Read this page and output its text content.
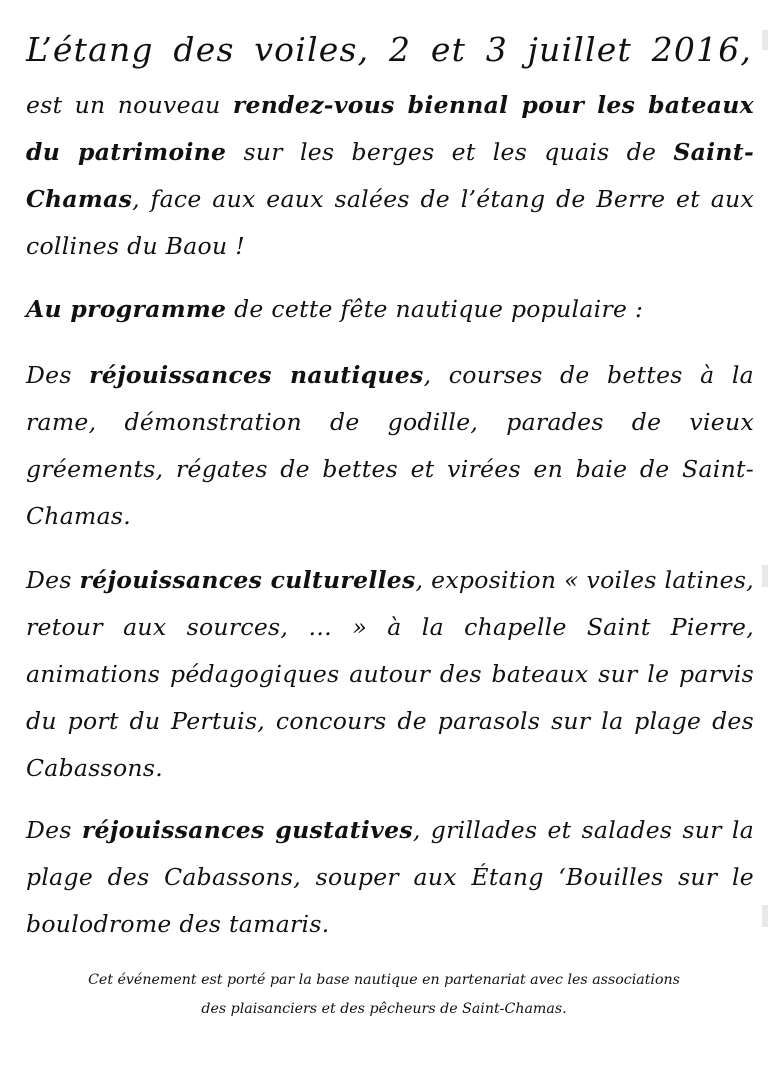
L’étang des voiles, 2 et 3 juillet 2016,
est un nouveau rendez-vous biennal pour les bateaux du patrimoine sur les berges et les quais de Saint-Chamas, face aux eaux salées de l’étang de Berre et aux collines du Baou !
Au programme de cette fête nautique populaire :
Des réjouissances nautiques, courses de bettes à la rame, démonstration de godille, parades de vieux gréements, régates de bettes et virées en baie de Saint-Chamas.
Des réjouissances culturelles, exposition « voiles latines, retour aux sources, … » à la chapelle Saint Pierre, animations pédagogiques autour des bateaux sur le parvis du port du Pertuis, concours de parasols sur la plage des Cabassons.
Des réjouissances gustatives, grillades et salades sur la plage des Cabassons, souper aux Étang ‘Bouilles sur le boulodrome des tamaris.
Cet événement est porté par la base nautique en partenariat avec les associations
des plaisanciers et des pêcheurs de Saint-Chamas.
